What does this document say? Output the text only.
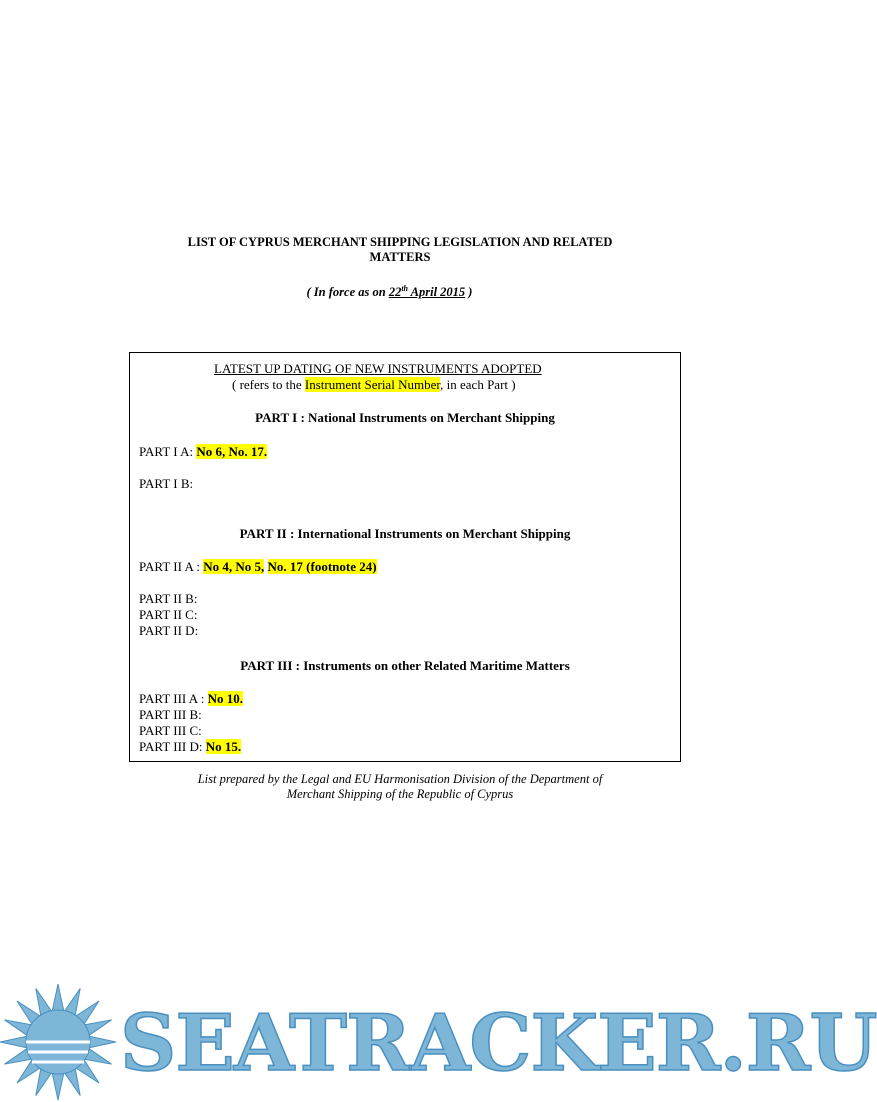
LIST OF CYPRUS MERCHANT SHIPPING LEGISLATION AND RELATED
MATTERS
( In force as on 22th April 2015 )
LATEST UP DATING OF NEW INSTRUMENTS ADOPTED
( refers to the Instrument Serial Number, in each Part )
PART I : National Instruments on Merchant Shipping
PART I A: No 6, No. 17.
PART I B:
PART II : International Instruments on Merchant Shipping
PART II A : No 4, No 5, No. 17 (footnote 24)
PART II B:
PART II C:
PART II D:
PART III : Instruments on other Related Maritime Matters
PART III A : No 10.
PART III B:
PART III C:
PART III D: No 15.
List prepared by the Legal and EU Harmonisation Division of the Department of
Merchant Shipping of the Republic of Cyprus
SEATRACKER.RU
